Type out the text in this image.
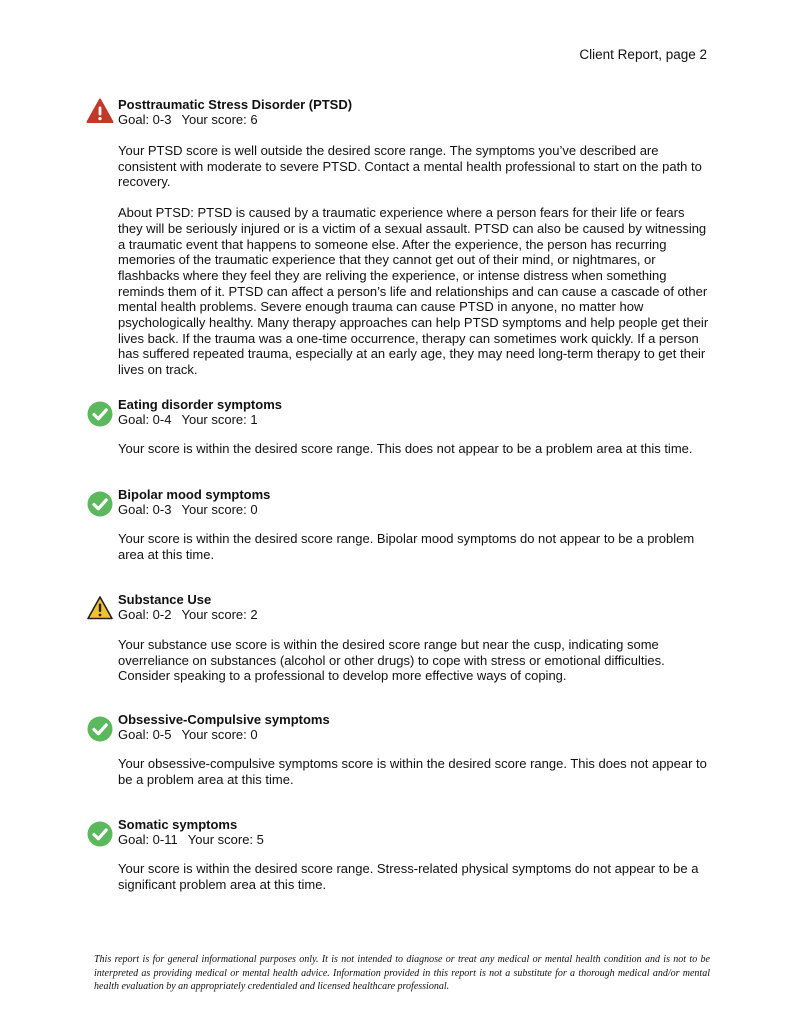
Client Report, page 2
Posttraumatic Stress Disorder (PTSD)
Goal: 0-3 Your score: 6
Your PTSD score is well outside the desired score range. The symptoms you’ve described are consistent with moderate to severe PTSD. Contact a mental health professional to start on the path to recovery.
About PTSD: PTSD is caused by a traumatic experience where a person fears for their life or fears they will be seriously injured or is a victim of a sexual assault. PTSD can also be caused by witnessing a traumatic event that happens to someone else. After the experience, the person has recurring memories of the traumatic experience that they cannot get out of their mind, or nightmares, or flashbacks where they feel they are reliving the experience, or intense distress when something reminds them of it. PTSD can affect a person’s life and relationships and can cause a cascade of other mental health problems. Severe enough trauma can cause PTSD in anyone, no matter how psychologically healthy. Many therapy approaches can help PTSD symptoms and help people get their lives back. If the trauma was a one-time occurrence, therapy can sometimes work quickly. If a person has suffered repeated trauma, especially at an early age, they may need long-term therapy to get their lives on track.
Eating disorder symptoms
Goal: 0-4 Your score: 1
Your score is within the desired score range. This does not appear to be a problem area at this time.
Bipolar mood symptoms
Goal: 0-3 Your score: 0
Your score is within the desired score range. Bipolar mood symptoms do not appear to be a problem area at this time.
Substance Use
Goal: 0-2 Your score: 2
Your substance use score is within the desired score range but near the cusp, indicating some overreliance on substances (alcohol or other drugs) to cope with stress or emotional difficulties. Consider speaking to a professional to develop more effective ways of coping.
Obsessive-Compulsive symptoms
Goal: 0-5 Your score: 0
Your obsessive-compulsive symptoms score is within the desired score range. This does not appear to be a problem area at this time.
Somatic symptoms
Goal: 0-11 Your score: 5
Your score is within the desired score range. Stress-related physical symptoms do not appear to be a significant problem area at this time.
This report is for general informational purposes only. It is not intended to diagnose or treat any medical or mental health condition and is not to be interpreted as providing medical or mental health advice. Information provided in this report is not a substitute for a thorough medical and/or mental health evaluation by an appropriately credentialed and licensed healthcare professional.
